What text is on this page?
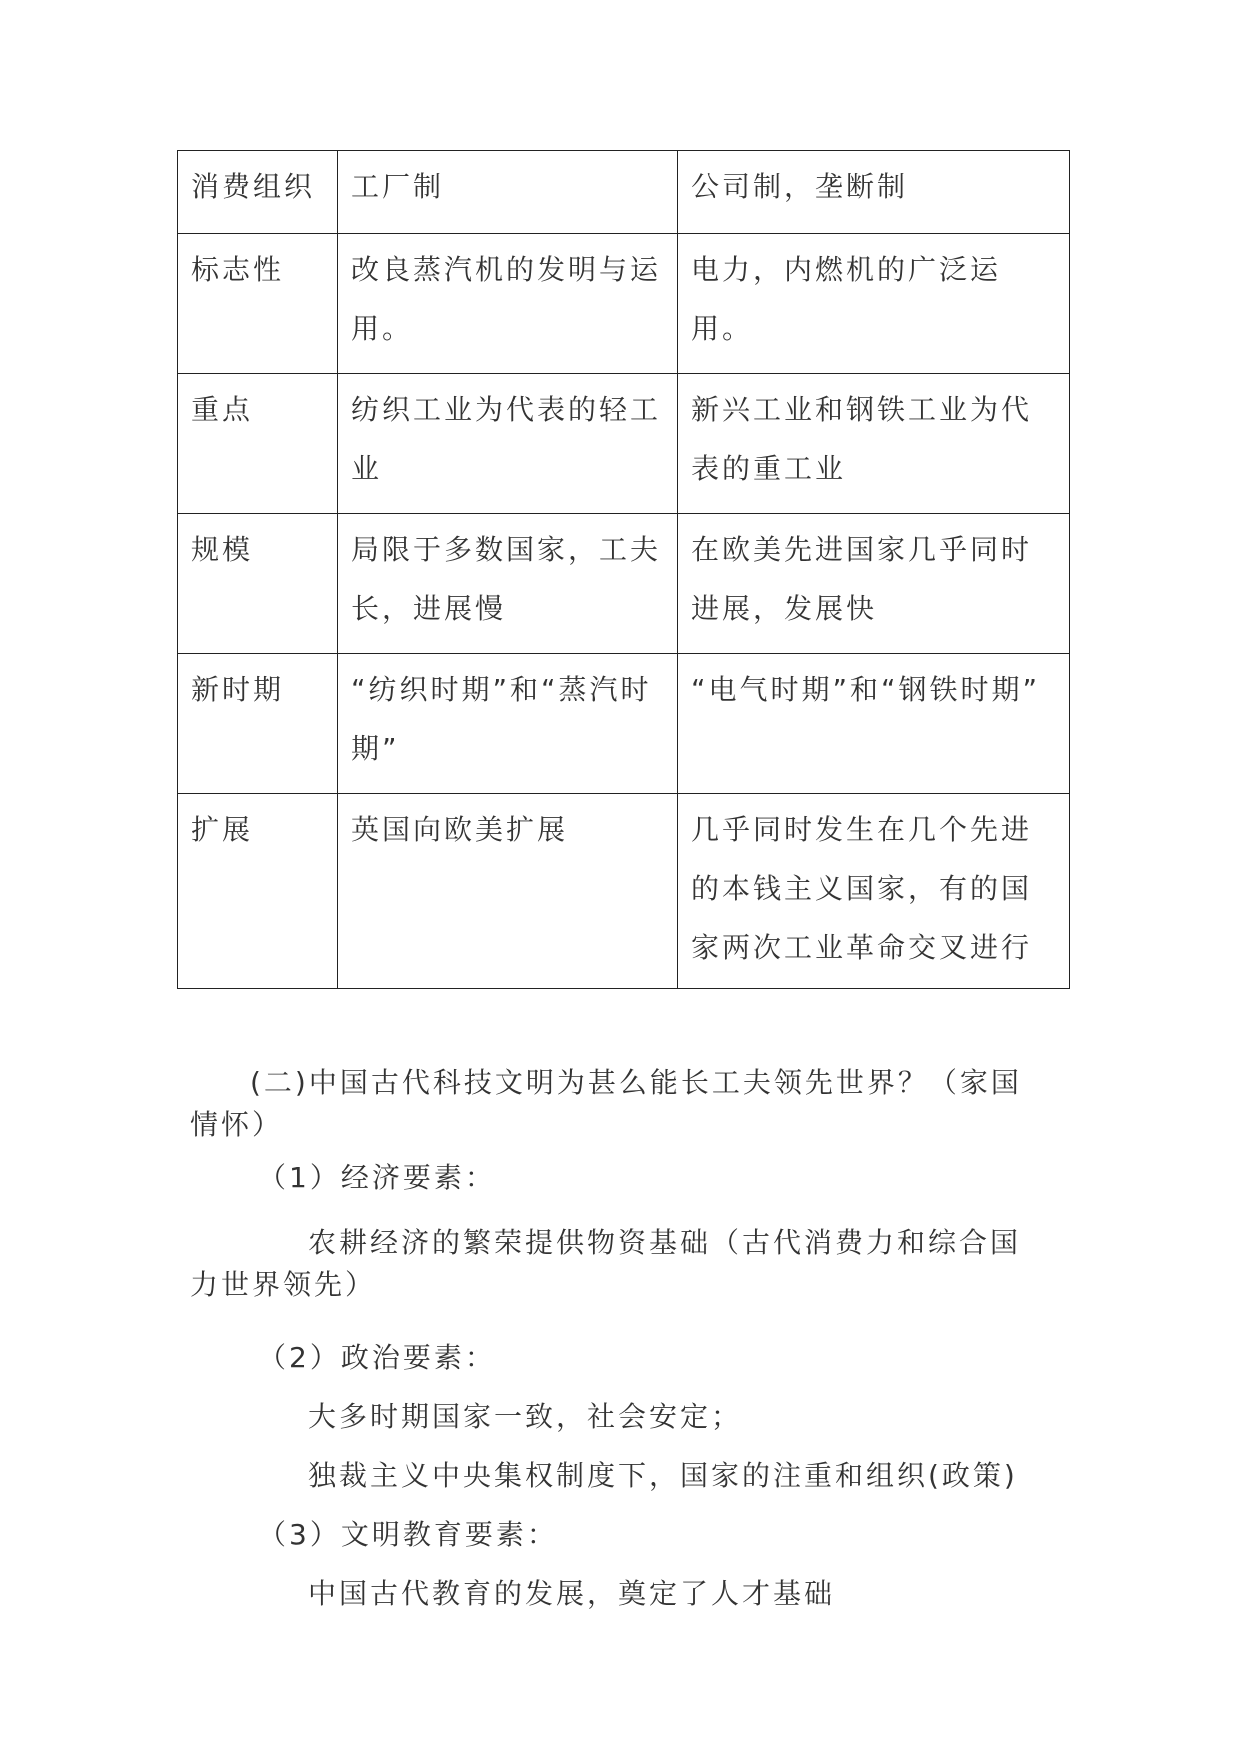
消费组织	工厂制	公司制，垄断制
标志性	改良蒸汽机的发明与运用。	电力，内燃机的广泛运用。
重点	纺织工业为代表的轻工业	新兴工业和钢铁工业为代表的重工业
规模	局限于多数国家，工夫长，进展慢	在欧美先进国家几乎同时进展，发展快
新时期	“纺织时期”和“蒸汽时期”	“电气时期”和“钢铁时期”
扩展	英国向欧美扩展	几乎同时发生在几个先进的本钱主义国家，有的国家两次工业革命交叉进行
(二)中国古代科技文明为甚么能长工夫领先世界？（家国情怀）
（1）经济要素：
农耕经济的繁荣提供物资基础（古代消费力和综合国力世界领先）
（2）政治要素：
大多时期国家一致，社会安定；
独裁主义中央集权制度下，国家的注重和组织(政策)
（3）文明教育要素：
中国古代教育的发展，奠定了人才基础
